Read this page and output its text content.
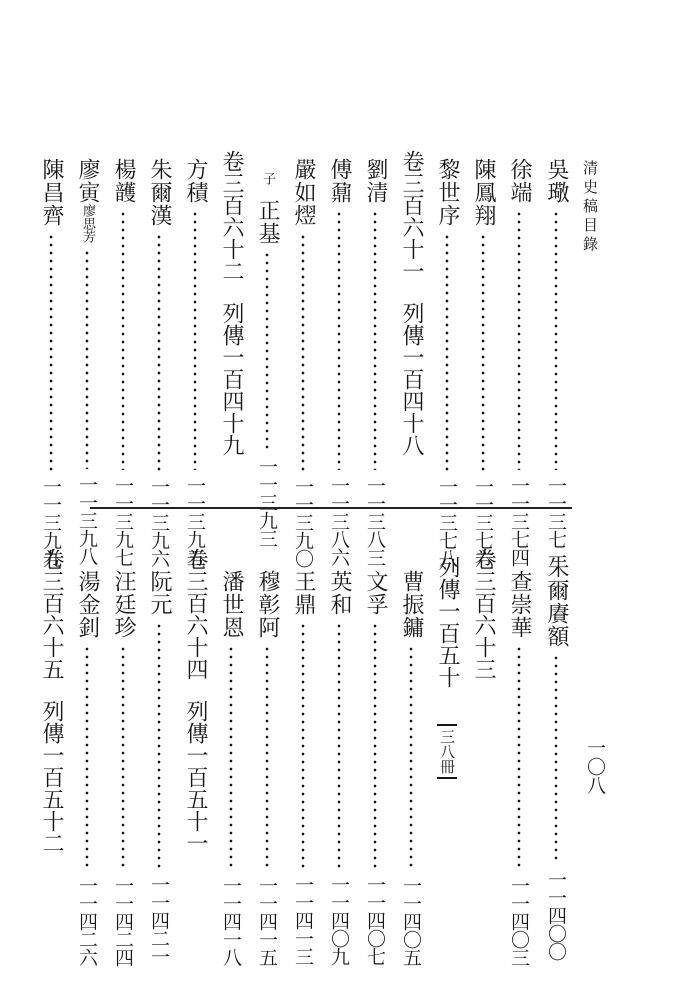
清史稿目錄
一〇八
吳璥一一三七一
徐端一一三七四
陳鳳翔一一三七六
黎世序一一三七八
卷三百六十一列傳一百四十八
劉清一一三八三
傅鼐一一三八六
嚴如熤一一三九〇
子正基一一三九三
卷三百六十二列傳一百四十九
方積一一三九五
朱爾漢一一三九六
楊頀一一三九七
廖寅廖思芳一一三九八
陳昌齊一一三九九
朱爾賡額一一四〇〇
查崇華一一四〇三
卷三百六十三
列傳一百五十三八冊
曹振鏞一一四〇五
文孚一一四〇七
英和一一四〇九
王鼎一一四一三
穆彰阿一一四一五
潘世恩一一四一八
卷三百六十四列傳一百五十一
阮元一一四二一
汪廷珍一一四二四
湯金釗一一四二六
卷三百六十五列傳一百五十二
